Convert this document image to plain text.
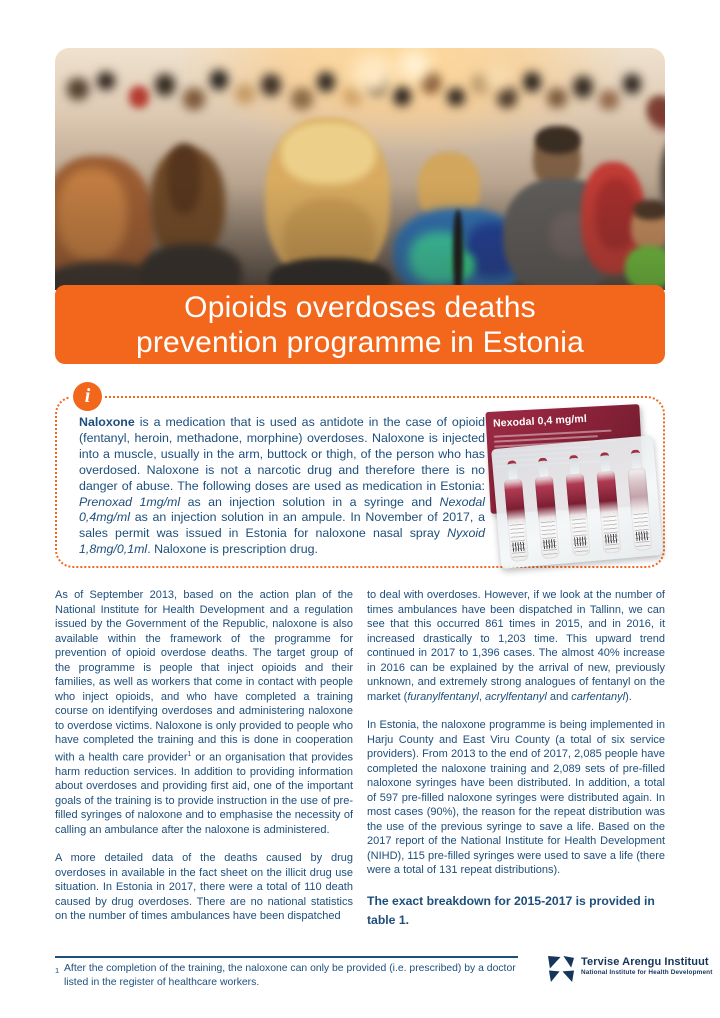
Opioids overdoses deaths
prevention programme in Estonia
i
Naloxone is a medication that is used as antidote in the case of opioid (fentanyl, heroin, methadone, morphine) overdoses. Naloxone is injected into a muscle, usually in the arm, buttock or thigh, of the person who has overdosed. Naloxone is not a narcotic drug and therefore there is no danger of abuse. The following doses are used as medication in Estonia: Prenoxad 1mg/ml as an injection solution in a syringe and Nexodal 0,4mg/ml as an injection solution in an ampule. In November of 2017, a sales permit was issued in Estonia for naloxone nasal spray Nyxoid 1,8mg/0,1ml. Naloxone is prescription drug.
Nexodal 0,4 mg/ml

As of September 2013, based on the action plan of the National Institute for Health Development and a regulation issued by the Government of the Republic, naloxone is also available within the framework of the programme for prevention of opioid overdose deaths. The target group of the programme is people that inject opioids and their families, as well as workers that come in contact with people who inject opioids, and who have completed a training course on identifying overdoses and administering naloxone to overdose victims. Naloxone is only provided to people who have completed the training and this is done in cooperation with a health care provider$^1$ or an organisation that provides harm reduction services. In addition to providing information about overdoses and providing first aid, one of the important goals of the training is to provide instruction in the use of pre-filled syringes of naloxone and to emphasise the necessity of calling an ambulance after the naloxone is administered.

A more detailed data of the deaths caused by drug overdoses in available in the fact sheet on the illicit drug use situation. In Estonia in 2017, there were a total of 110 death caused by drug overdoses. There are no national statistics on the number of times ambulances have been dispatched

to deal with overdoses. However, if we look at the number of times ambulances have been dispatched in Tallinn, we can see that this occurred 861 times in 2015, and in 2016, it increased drastically to 1,203 time. This upward trend continued in 2017 to 1,396 cases. The almost 40% increase in 2016 can be explained by the arrival of new, previously unknown, and extremely strong analogues of fentanyl on the market (furanylfentanyl, acrylfentanyl and carfentanyl).

In Estonia, the naloxone programme is being implemented in Harju County and East Viru County (a total of six service providers). From 2013 to the end of 2017, 2,085 people have completed the naloxone training and 2,089 sets of pre-filled naloxone syringes have been distributed. In addition, a total of 597 pre-filled naloxone syringes were distributed again. In most cases (90%), the reason for the repeat distribution was the use of the previous syringe to save a life. Based on the 2017 report of the National Institute for Health Development (NIHD), 115 pre-filled syringes were used to save a life (there were a total of 131 repeat distributions).

The exact breakdown for 2015-2017 is provided in table 1.

1 After the completion of the training, the naloxone can only be provided (i.e. prescribed) by a doctor listed in the register of healthcare workers.
Tervise Arengu Instituut
National Institute for Health Development
